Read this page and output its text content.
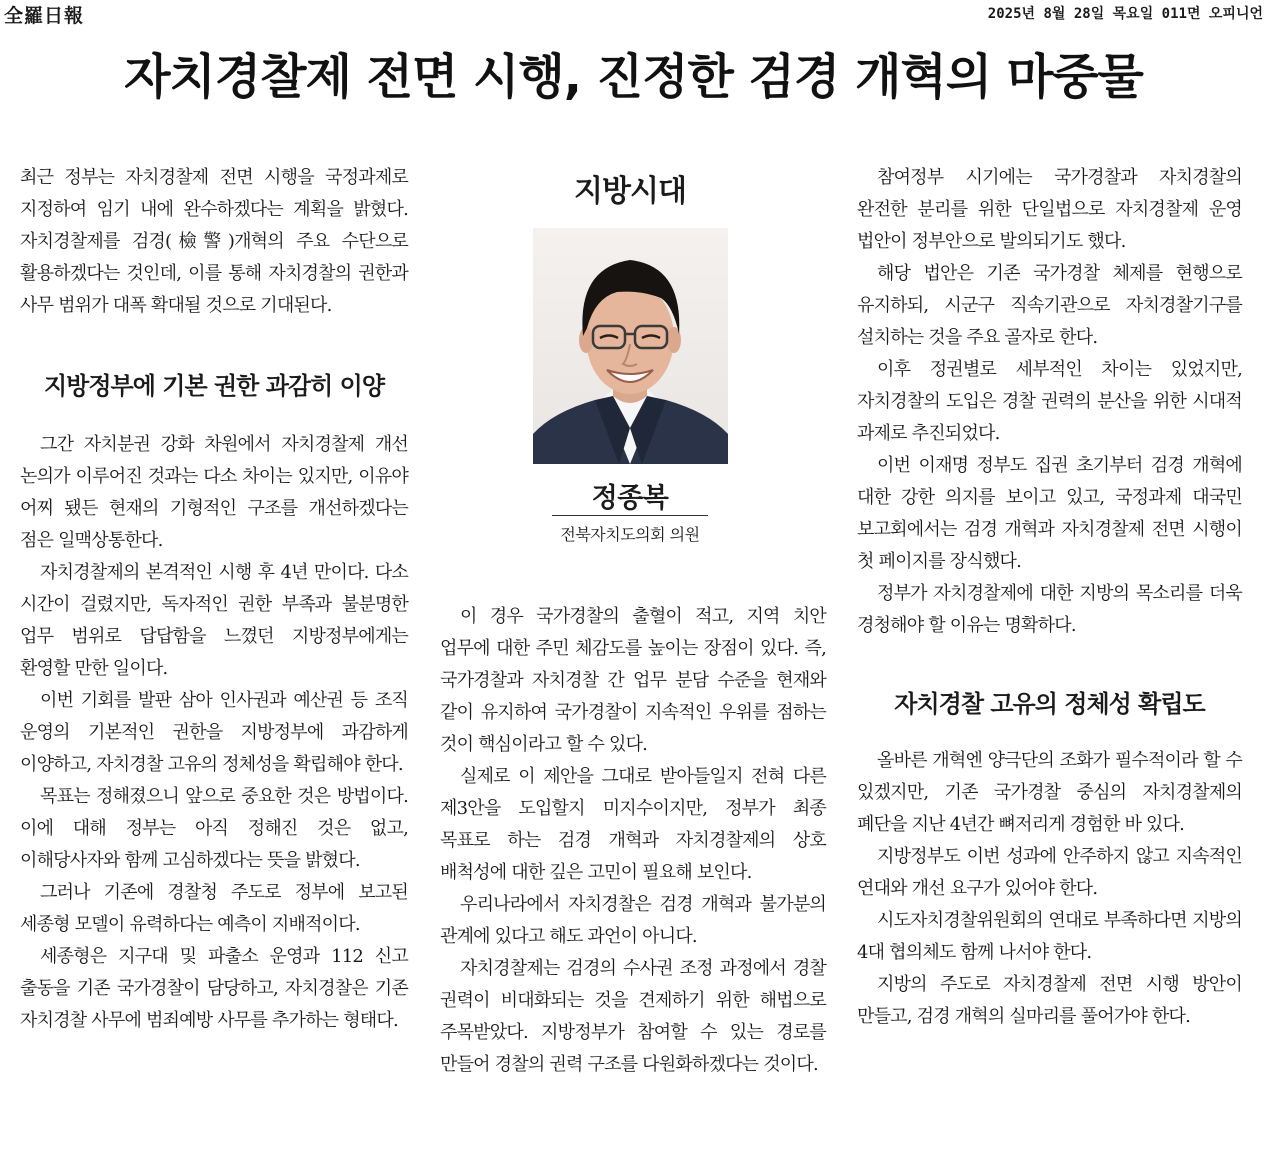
全羅日報	2025년 8월 28일 목요일 011면 오피니언
자치경찰제 전면 시행, 진정한 검경 개혁의 마중물

최근 정부는 자치경찰제 전면 시행을 국정과제로 지정하여 임기 내에 완수하겠다는 계획을 밝혔다. 자치경찰제를 검경(檢警)개혁의 주요 수단으로 활용하겠다는 것인데, 이를 통해 자치경찰의 권한과 사무 범위가 대폭 확대될 것으로 기대된다.

지방정부에 기본 권한 과감히 이양

그간 자치분권 강화 차원에서 자치경찰제 개선 논의가 이루어진 것과는 다소 차이는 있지만, 이유야 어찌 됐든 현재의 기형적인 구조를 개선하겠다는 점은 일맥상통한다.

자치경찰제의 본격적인 시행 후 4년 만이다. 다소 시간이 걸렸지만, 독자적인 권한 부족과 불분명한 업무 범위로 답답함을 느꼈던 지방정부에게는 환영할 만한 일이다.

이번 기회를 발판 삼아 인사권과 예산권 등 조직 운영의 기본적인 권한을 지방정부에 과감하게 이양하고, 자치경찰 고유의 정체성을 확립해야 한다.

목표는 정해졌으니 앞으로 중요한 것은 방법이다. 이에 대해 정부는 아직 정해진 것은 없고, 이해당사자와 함께 고심하겠다는 뜻을 밝혔다.

그러나 기존에 경찰청 주도로 정부에 보고된 세종형 모델이 유력하다는 예측이 지배적이다.

세종형은 지구대 및 파출소 운영과 112 신고 출동을 기존 국가경찰이 담당하고, 자치경찰은 기존 자치경찰 사무에 범죄예방 사무를 추가하는 형태다.

지방시대
정종복
전북자치도의회 의원

이 경우 국가경찰의 출혈이 적고, 지역 치안 업무에 대한 주민 체감도를 높이는 장점이 있다. 즉, 국가경찰과 자치경찰 간 업무 분담 수준을 현재와 같이 유지하여 국가경찰이 지속적인 우위를 점하는 것이 핵심이라고 할 수 있다.

실제로 이 제안을 그대로 받아들일지 전혀 다른 제3안을 도입할지 미지수이지만, 정부가 최종 목표로 하는 검경 개혁과 자치경찰제의 상호 배척성에 대한 깊은 고민이 필요해 보인다.

우리나라에서 자치경찰은 검경 개혁과 불가분의 관계에 있다고 해도 과언이 아니다.

자치경찰제는 검경의 수사권 조정 과정에서 경찰 권력이 비대화되는 것을 견제하기 위한 해법으로 주목받았다. 지방정부가 참여할 수 있는 경로를 만들어 경찰의 권력 구조를 다원화하겠다는 것이다.

참여정부 시기에는 국가경찰과 자치경찰의 완전한 분리를 위한 단일법으로 자치경찰제 운영 법안이 정부안으로 발의되기도 했다.

해당 법안은 기존 국가경찰 체제를 현행으로 유지하되, 시군구 직속기관으로 자치경찰기구를 설치하는 것을 주요 골자로 한다.

이후 정권별로 세부적인 차이는 있었지만, 자치경찰의 도입은 경찰 권력의 분산을 위한 시대적 과제로 추진되었다.

이번 이재명 정부도 집권 초기부터 검경 개혁에 대한 강한 의지를 보이고 있고, 국정과제 대국민 보고회에서는 검경 개혁과 자치경찰제 전면 시행이 첫 페이지를 장식했다.

정부가 자치경찰제에 대한 지방의 목소리를 더욱 경청해야 할 이유는 명확하다.

자치경찰 고유의 정체성 확립도

올바른 개혁엔 양극단의 조화가 필수적이라 할 수 있겠지만, 기존 국가경찰 중심의 자치경찰제의 폐단을 지난 4년간 뼈저리게 경험한 바 있다.

지방정부도 이번 성과에 안주하지 않고 지속적인 연대와 개선 요구가 있어야 한다.

시도자치경찰위원회의 연대로 부족하다면 지방의 4대 협의체도 함께 나서야 한다.

지방의 주도로 자치경찰제 전면 시행 방안이 만들고, 검경 개혁의 실마리를 풀어가야 한다.
